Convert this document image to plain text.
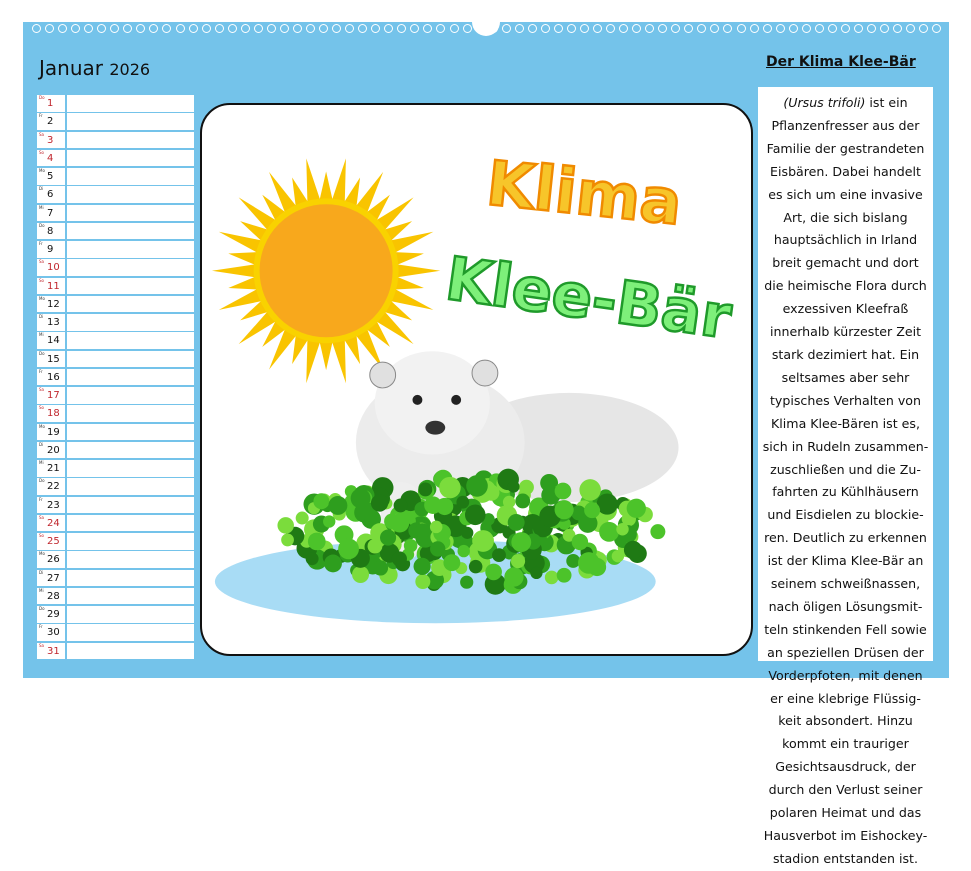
Januar 2026
Do
1
Fr
2
Sa
3
So
4
Mo
5
Di
6
Mi
7
Do
8
Fr
9
Sa
10
So
11
Mo
12
Di
13
Mi
14
Do
15
Fr
16
Sa
17
So
18
Mo
19
Di
20
Mi
21
Do
22
Fr
23
Sa
24
So
25
Mo
26
Di
27
Mi
28
Do
29
Fr
30
Sa
31
Klima
Klee-Bär
Der Klima Klee-Bär
(Ursus trifoli) ist ein
Pflanzenfresser aus der
Familie der gestrandeten
Eisbären. Dabei handelt
es sich um eine invasive
Art, die sich bislang
hauptsächlich in Irland
breit gemacht und dort
die heimische Flora durch
exzessiven Kleefraß
innerhalb kürzester Zeit
stark dezimiert hat. Ein
seltsames aber sehr
typisches Verhalten von
Klima Klee-Bären ist es,
sich in Rudeln zusammen-
zuschließen und die Zu-
fahrten zu Kühlhäusern
und Eisdielen zu blockie-
ren. Deutlich zu erkennen
ist der Klima Klee-Bär an
seinem schweißnassen,
nach öligen Lösungsmit-
teln stinkenden Fell sowie
an speziellen Drüsen der
Vorderpfoten, mit denen
er eine klebrige Flüssig-
keit absondert. Hinzu
kommt ein trauriger
Gesichtsausdruck, der
durch den Verlust seiner
polaren Heimat und das
Hausverbot im Eishockey-
stadion entstanden ist.
